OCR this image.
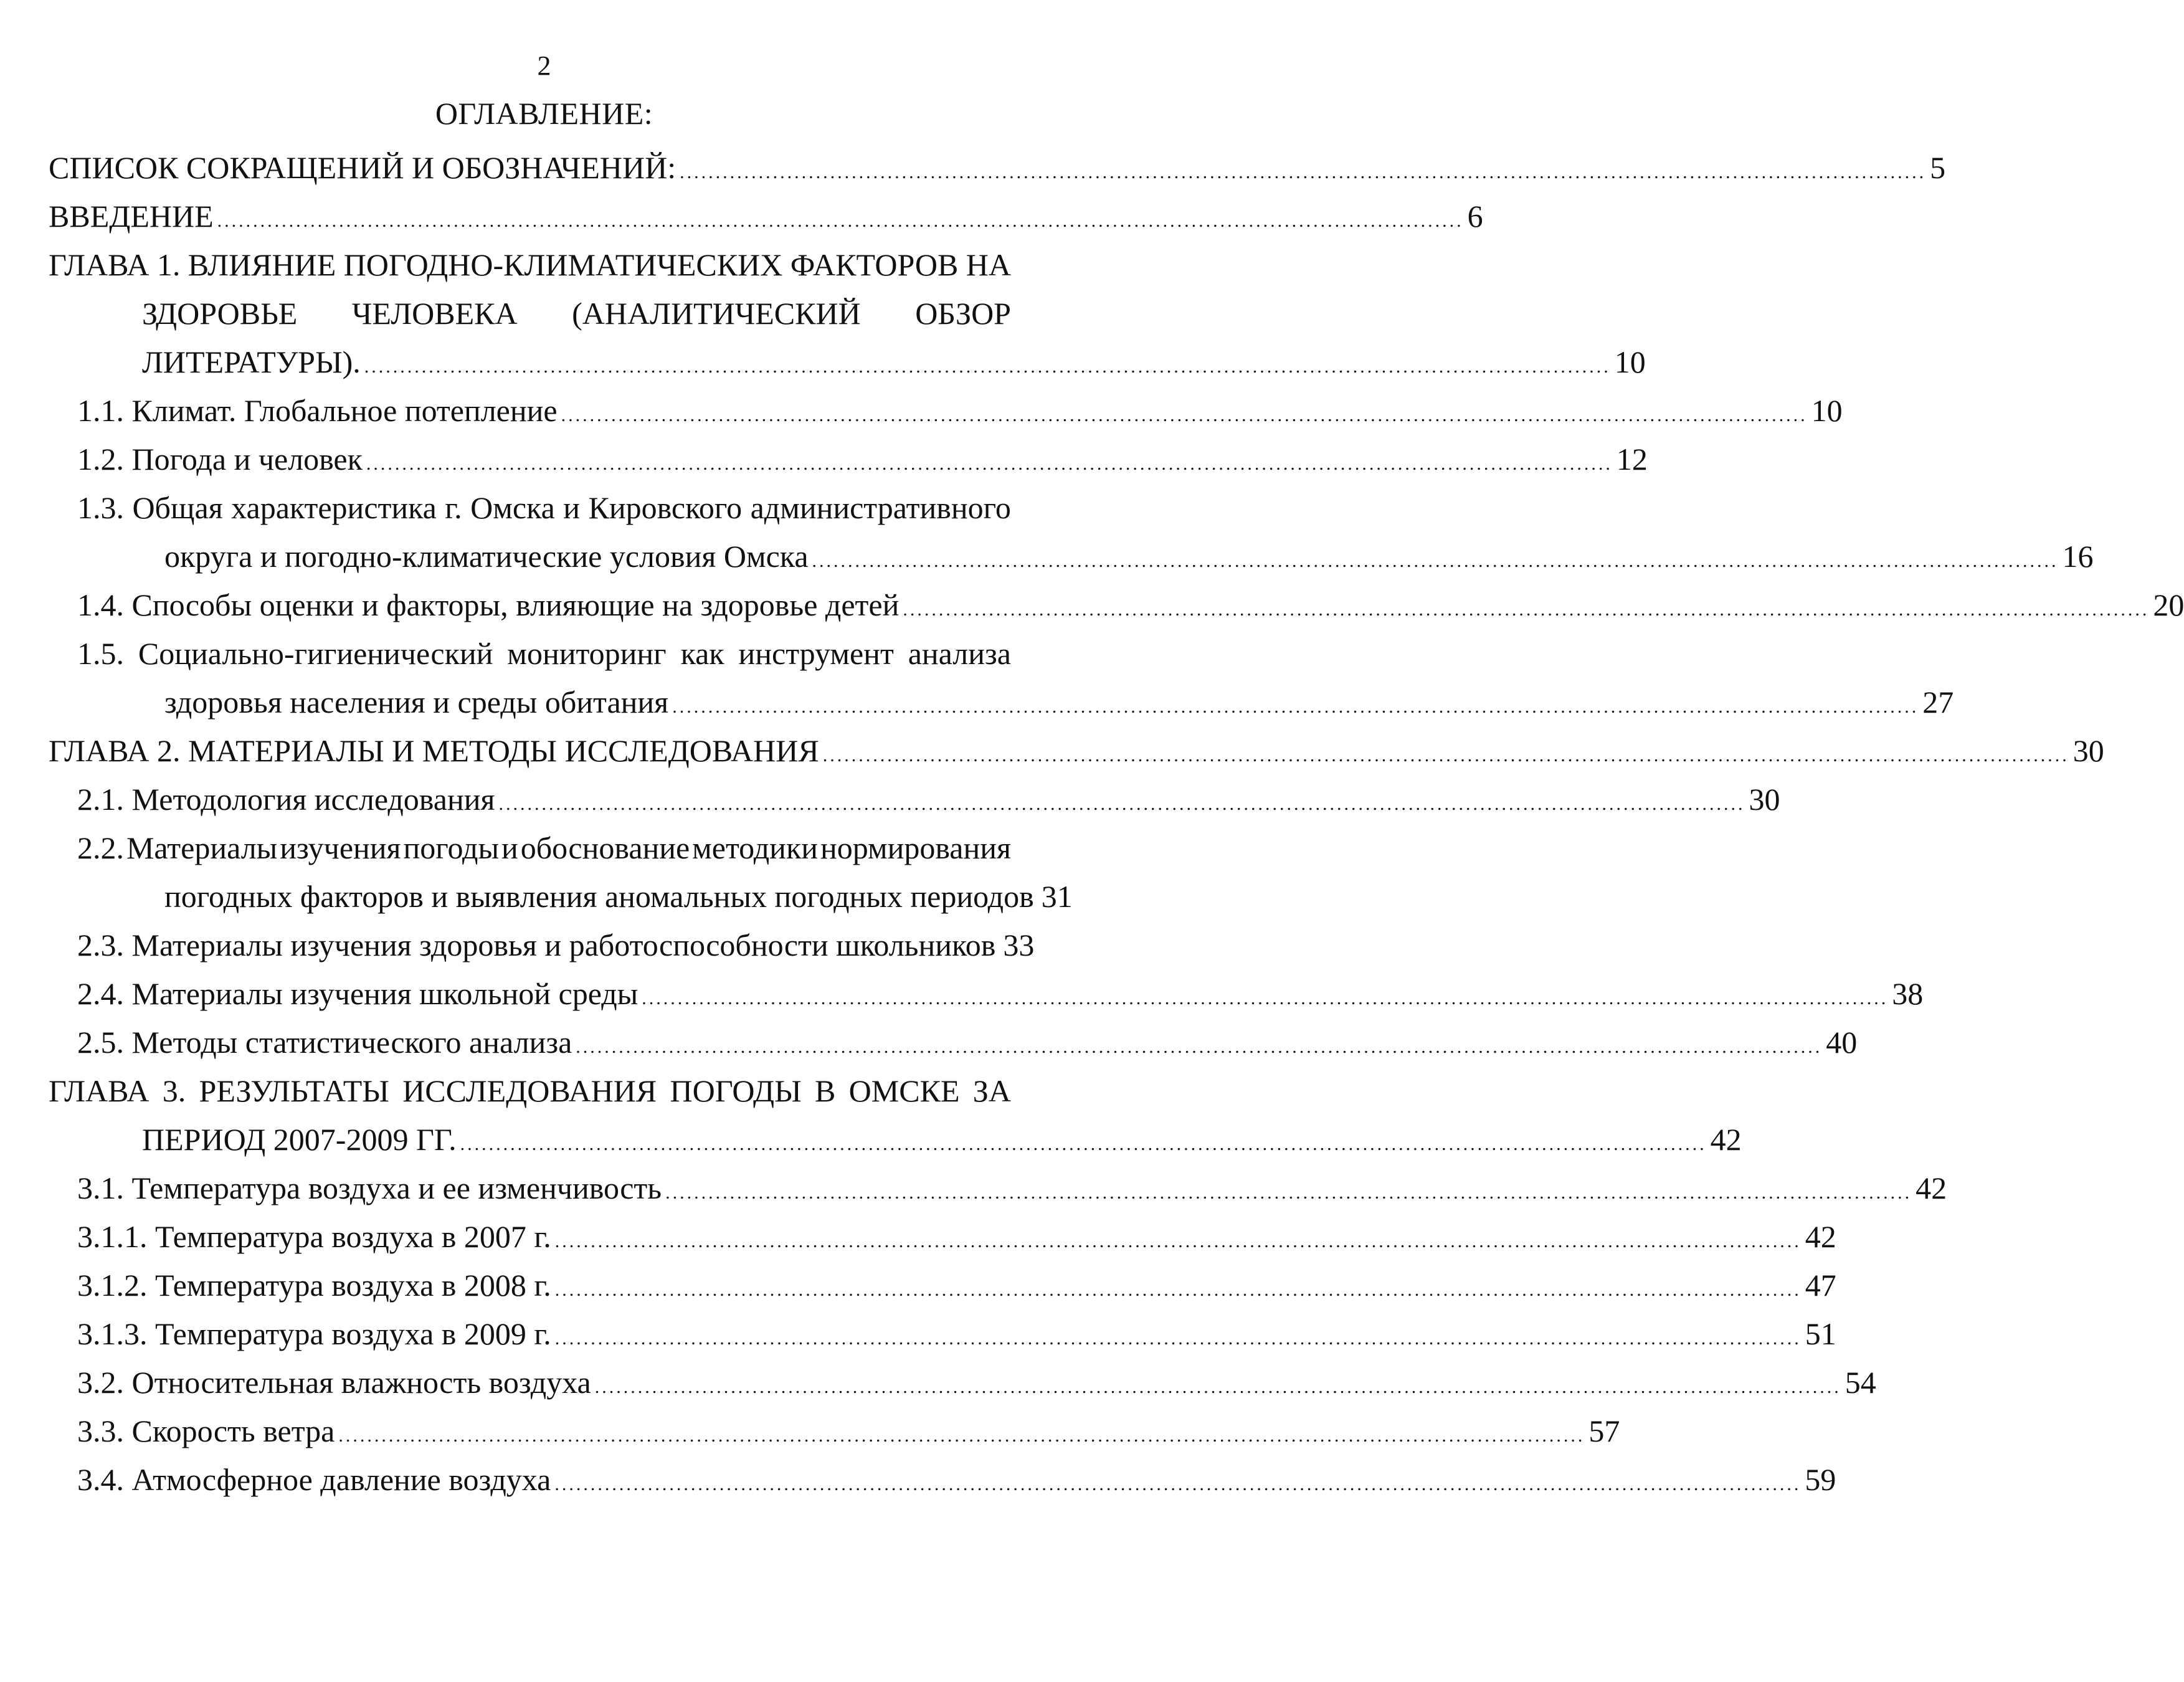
2
ОГЛАВЛЕНИЕ:
СПИСОК СОКРАЩЕНИЙ И ОБОЗНАЧЕНИЙ: .............................................................................................................................................................................. 5
ВВЕДЕНИЕ .............................................................................................................................................................................. 6
ГЛАВА 1. ВЛИЯНИЕ ПОГОДНО-КЛИМАТИЧЕСКИХ ФАКТОРОВ НА
ЗДОРОВЬЕ ЧЕЛОВЕКА (АНАЛИТИЧЕСКИЙ ОБЗОР
ЛИТЕРАТУРЫ). .............................................................................................................................................................................. 10
1.1. Климат. Глобальное потепление .............................................................................................................................................................................. 10
1.2. Погода и человек .............................................................................................................................................................................. 12
1.3. Общая характеристика г. Омска и Кировского административного
округа и погодно-климатические условия Омска .............................................................................................................................................................................. 16
1.4. Способы оценки и факторы, влияющие на здоровье детей .............................................................................................................................................................................. 20
1.5. Социально-гигиенический мониторинг как инструмент анализа
здоровья населения и среды обитания .............................................................................................................................................................................. 27
ГЛАВА 2. МАТЕРИАЛЫ И МЕТОДЫ ИССЛЕДОВАНИЯ .............................................................................................................................................................................. 30
2.1. Методология исследования .............................................................................................................................................................................. 30
2.2. Материалы изучения погоды и обоснование методики нормирования
погодных факторов и выявления аномальных погодных периодов 31
2.3. Материалы изучения здоровья и работоспособности школьников 33
2.4. Материалы изучения школьной среды .............................................................................................................................................................................. 38
2.5. Методы статистического анализа .............................................................................................................................................................................. 40
ГЛАВА 3. РЕЗУЛЬТАТЫ ИССЛЕДОВАНИЯ ПОГОДЫ В ОМСКЕ ЗА
ПЕРИОД 2007-2009 ГГ. .............................................................................................................................................................................. 42
3.1. Температура воздуха и ее изменчивость .............................................................................................................................................................................. 42
3.1.1. Температура воздуха в 2007 г. .............................................................................................................................................................................. 42
3.1.2. Температура воздуха в 2008 г. .............................................................................................................................................................................. 47
3.1.3. Температура воздуха в 2009 г. .............................................................................................................................................................................. 51
3.2. Относительная влажность воздуха .............................................................................................................................................................................. 54
3.3. Скорость ветра .............................................................................................................................................................................. 57
3.4. Атмосферное давление воздуха .............................................................................................................................................................................. 59
